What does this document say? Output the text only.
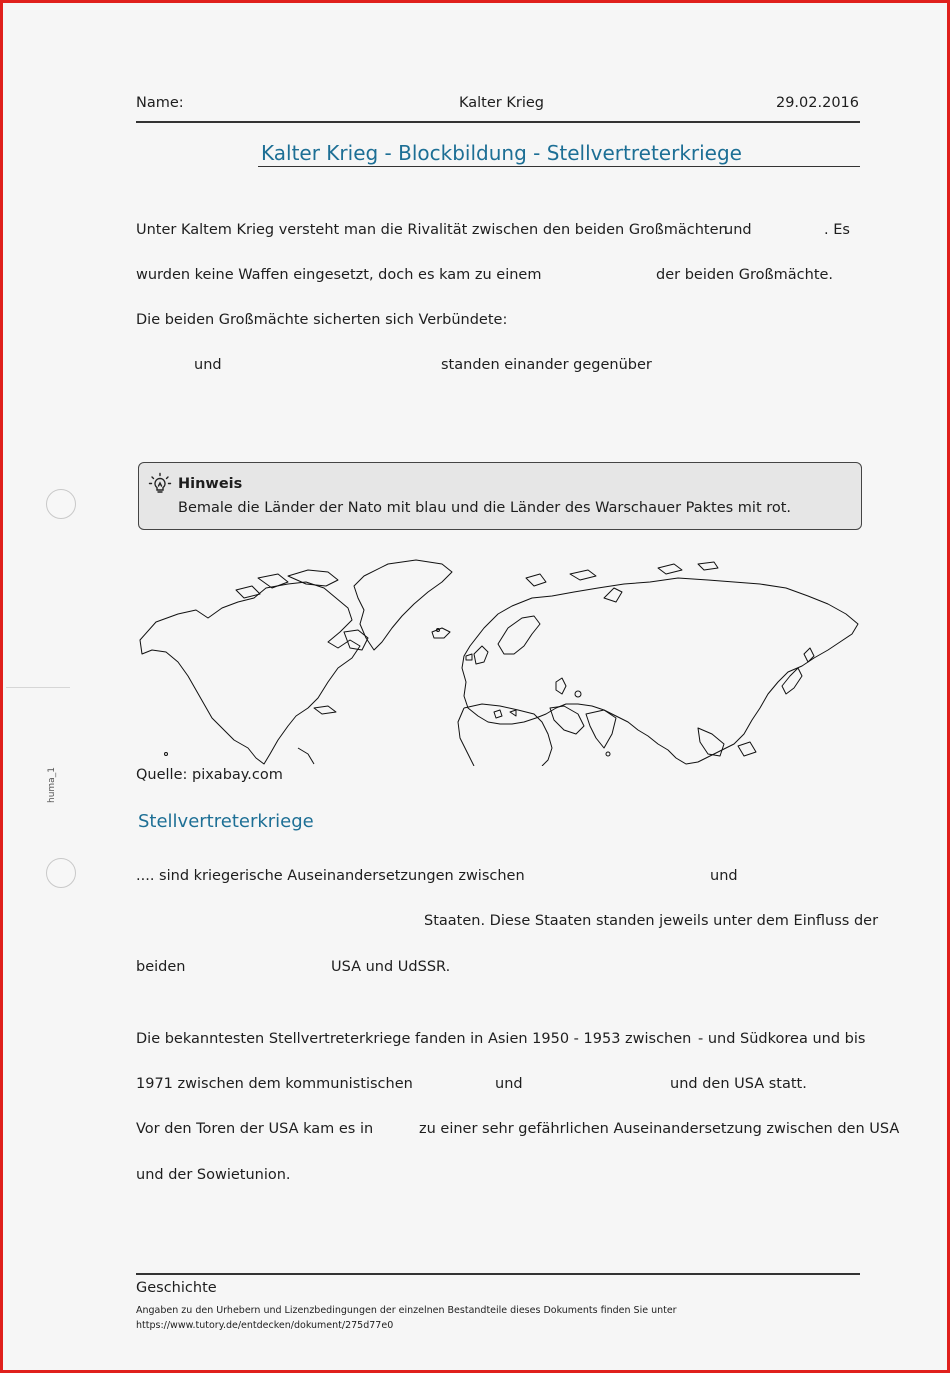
huma_1
Name:	Kalter Krieg	29.02.2016
Kalter Krieg - Blockbildung - Stellvertreterkriege
Unter Kaltem Krieg versteht man die Rivalität zwischen den beiden Großmächten
und	. Es
wurden keine Waffen eingesetzt, doch es kam zu einem	der beiden Großmächte.
Die beiden Großmächte sicherten sich Verbündete:
und	standen einander gegenüber
Hinweis
Bemale die Länder der Nato mit blau und die Länder des Warschauer Paktes mit rot.
Quelle: pixabay.com
Stellvertreterkriege
.... sind kriegerische Auseinandersetzungen zwischen	und
Staaten. Diese Staaten standen jeweils unter dem Einfluss der
beiden	USA und UdSSR.
Die bekanntesten Stellvertreterkriege fanden in Asien 1950 - 1953 zwischen - und Südkorea und bis
1971 zwischen dem kommunistischen	und	und den USA statt.
Vor den Toren der USA kam es in	zu einer sehr gefährlichen Auseinandersetzung zwischen den USA
und der Sowietunion.
Geschichte
Angaben zu den Urhebern und Lizenzbedingungen der einzelnen Bestandteile dieses Dokuments finden Sie unter
https://www.tutory.de/entdecken/dokument/275d77e0
